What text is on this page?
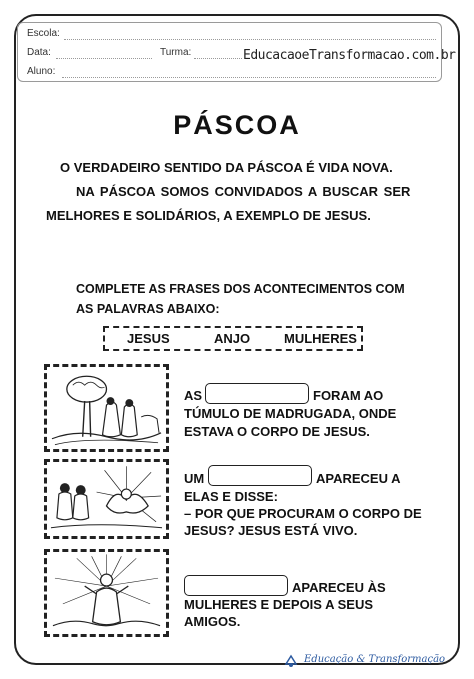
Escola:
Data:	Turma:	EducacaoeTransformacao.com.br
Aluno:
PÁSCOA
O VERDADEIRO SENTIDO DA PÁSCOA É VIDA NOVA.
NA PÁSCOA SOMOS CONVIDADOS A BUSCAR SER
MELHORES E SOLIDÁRIOS, A EXEMPLO DE JESUS.
COMPLETE AS FRASES DOS ACONTECIMENTOS COM
AS PALAVRAS ABAIXO:
JESUS	ANJO	MULHERES
AS	FORAM AO
TÚMULO DE MADRUGADA, ONDE
ESTAVA O CORPO DE JESUS.
UM	APARECEU A
ELAS E DISSE:
– POR QUE PROCURAM O CORPO DE
JESUS? JESUS ESTÁ VIVO.
APARECEU ÀS
MULHERES E DEPOIS A SEUS
AMIGOS.
Educação & Transformação
